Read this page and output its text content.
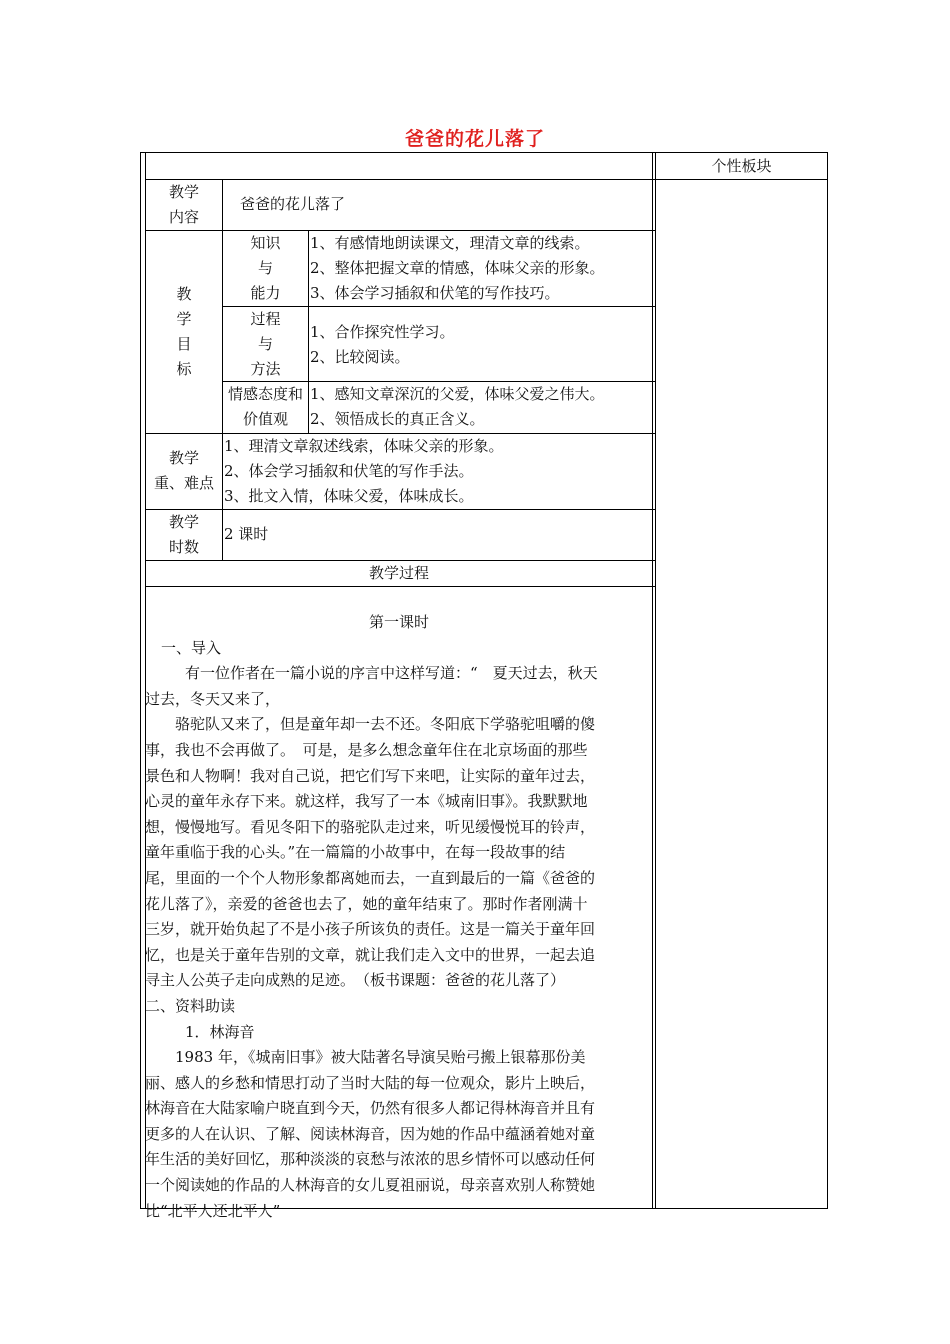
爸爸的花儿落了
个性板块
教学
内容
爸爸的花儿落了
教
学
目
标
知识
与
能力
1、有感情地朗读课文，理清文章的线索。
2、整体把握文章的情感，体味父亲的形象。
3、体会学习插叙和伏笔的写作技巧。
过程
与
方法
1、合作探究性学习。
2、比较阅读。
情感态度和
价值观
1、感知文章深沉的父爱，体味父爱之伟大。
2、领悟成长的真正含义。
教学
重、难点
1、理清文章叙述线索，体味父亲的形象。
2、体会学习插叙和伏笔的写作手法。
3、批文入情，体味父爱，体味成长。
教学
时数
2 课时
教学过程
第一课时
一、导入
有一位作者在一篇小说的序言中这样写道：“　夏天过去，秋天
过去，冬天又来了，
骆驼队又来了，但是童年却一去不还。冬阳底下学骆驼咀嚼的傻
事，我也不会再做了。　可是，是多么想念童年住在北京场面的那些
景色和人物啊！我对自己说，把它们写下来吧，让实际的童年过去，
心灵的童年永存下来。就这样，我写了一本《城南旧事》。我默默地
想，慢慢地写。看见冬阳下的骆驼队走过来，听见缓慢悦耳的铃声，
童年重临于我的心头。”在一篇篇的小故事中，在每一段故事的结
尾，里面的一个个人物形象都离她而去，一直到最后的一篇《爸爸的
花儿落了》，亲爱的爸爸也去了，她的童年结束了。那时作者刚满十
三岁，就开始负起了不是小孩子所该负的责任。这是一篇关于童年回
忆，也是关于童年告别的文章，就让我们走入文中的世界，一起去追
寻主人公英子走向成熟的足迹。　（板书课题：爸爸的花儿落了）
二、资料助读
1．林海音
1983 年，《城南旧事》被大陆著名导演吴贻弓搬上银幕那份美
丽、感人的乡愁和情思打动了当时大陆的每一位观众，影片上映后，
林海音在大陆家喻户晓直到今天，仍然有很多人都记得林海音并且有
更多的人在认识、了解、阅读林海音，因为她的作品中蕴涵着她对童
年生活的美好回忆，那种淡淡的哀愁与浓浓的思乡情怀可以感动任何
一个阅读她的作品的人林海音的女儿夏祖丽说，母亲喜欢别人称赞她
比“北平人还北平人”
